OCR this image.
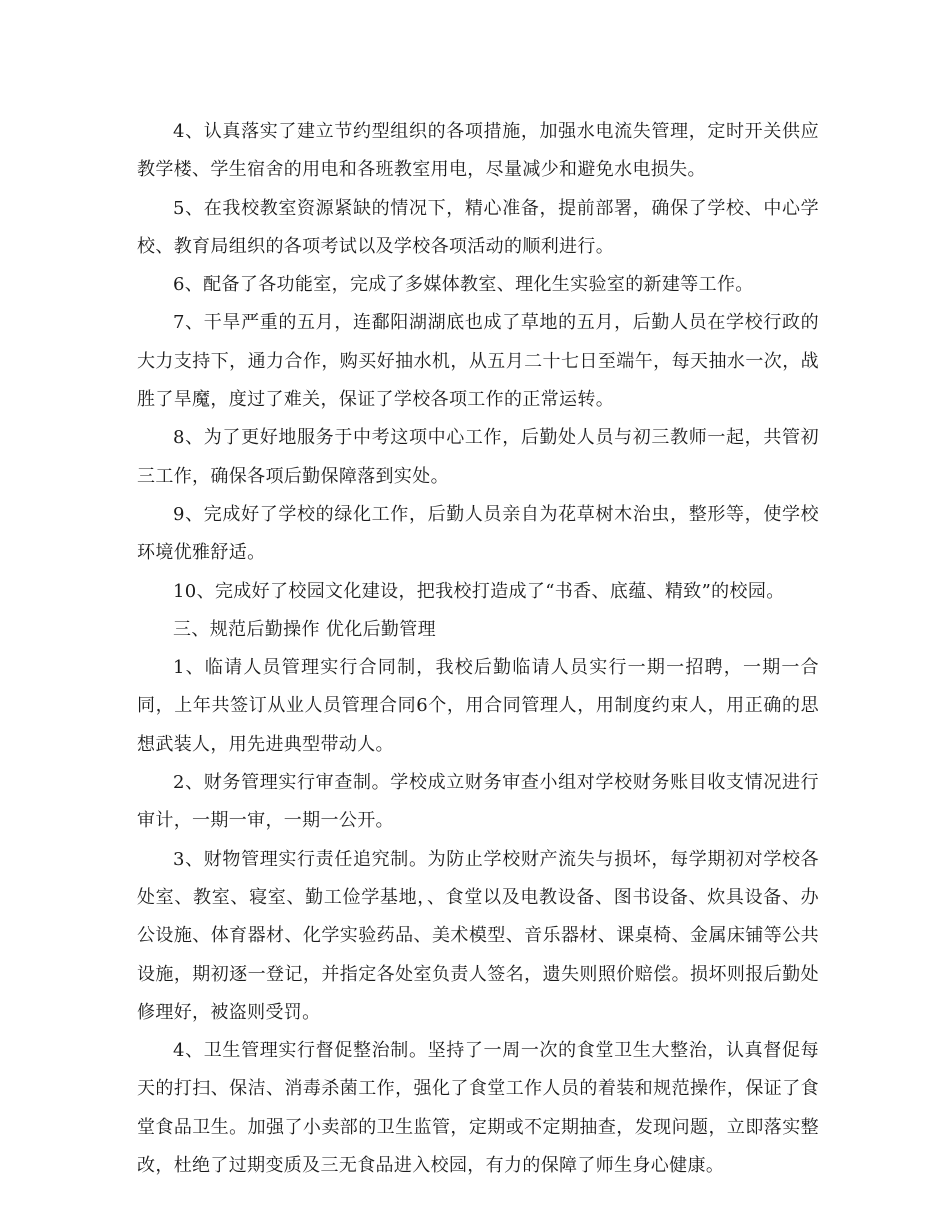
4、认真落实了建立节约型组织的各项措施，加强水电流失管理，定时开关供应教学楼、学生宿舍的用电和各班教室用电，尽量减少和避免水电损失。

5、在我校教室资源紧缺的情况下，精心准备，提前部署，确保了学校、中心学校、教育局组织的各项考试以及学校各项活动的顺利进行。

6、配备了各功能室，完成了多媒体教室、理化生实验室的新建等工作。

7、干旱严重的五月，连鄱阳湖湖底也成了草地的五月，后勤人员在学校行政的大力支持下，通力合作，购买好抽水机，从五月二十七日至端午，每天抽水一次，战胜了旱魔，度过了难关，保证了学校各项工作的正常运转。

8、为了更好地服务于中考这项中心工作，后勤处人员与初三教师一起，共管初三工作，确保各项后勤保障落到实处。

9、完成好了学校的绿化工作，后勤人员亲自为花草树木治虫，整形等，使学校环境优雅舒适。

10、完成好了校园文化建设，把我校打造成了“书香、底蕴、精致”的校园。

三、规范后勤操作 优化后勤管理

1、临请人员管理实行合同制，我校后勤临请人员实行一期一招聘，一期一合同，上年共签订从业人员管理合同6个，用合同管理人，用制度约束人，用正确的思想武装人，用先进典型带动人。

2、财务管理实行审查制。学校成立财务审查小组对学校财务账目收支情况进行审计，一期一审，一期一公开。

3、财物管理实行责任追究制。为防止学校财产流失与损坏，每学期初对学校各处室、教室、寝室、勤工俭学基地，、食堂以及电教设备、图书设备、炊具设备、办公设施、体育器材、化学实验药品、美术模型、音乐器材、课桌椅、金属床铺等公共设施，期初逐一登记，并指定各处室负责人签名，遗失则照价赔偿。损坏则报后勤处修理好，被盗则受罚。

4、卫生管理实行督促整治制。坚持了一周一次的食堂卫生大整治，认真督促每天的打扫、保洁、消毒杀菌工作，强化了食堂工作人员的着装和规范操作，保证了食堂食品卫生。加强了小卖部的卫生监管，定期或不定期抽查，发现问题，立即落实整改，杜绝了过期变质及三无食品进入校园，有力的保障了师生身心健康。
